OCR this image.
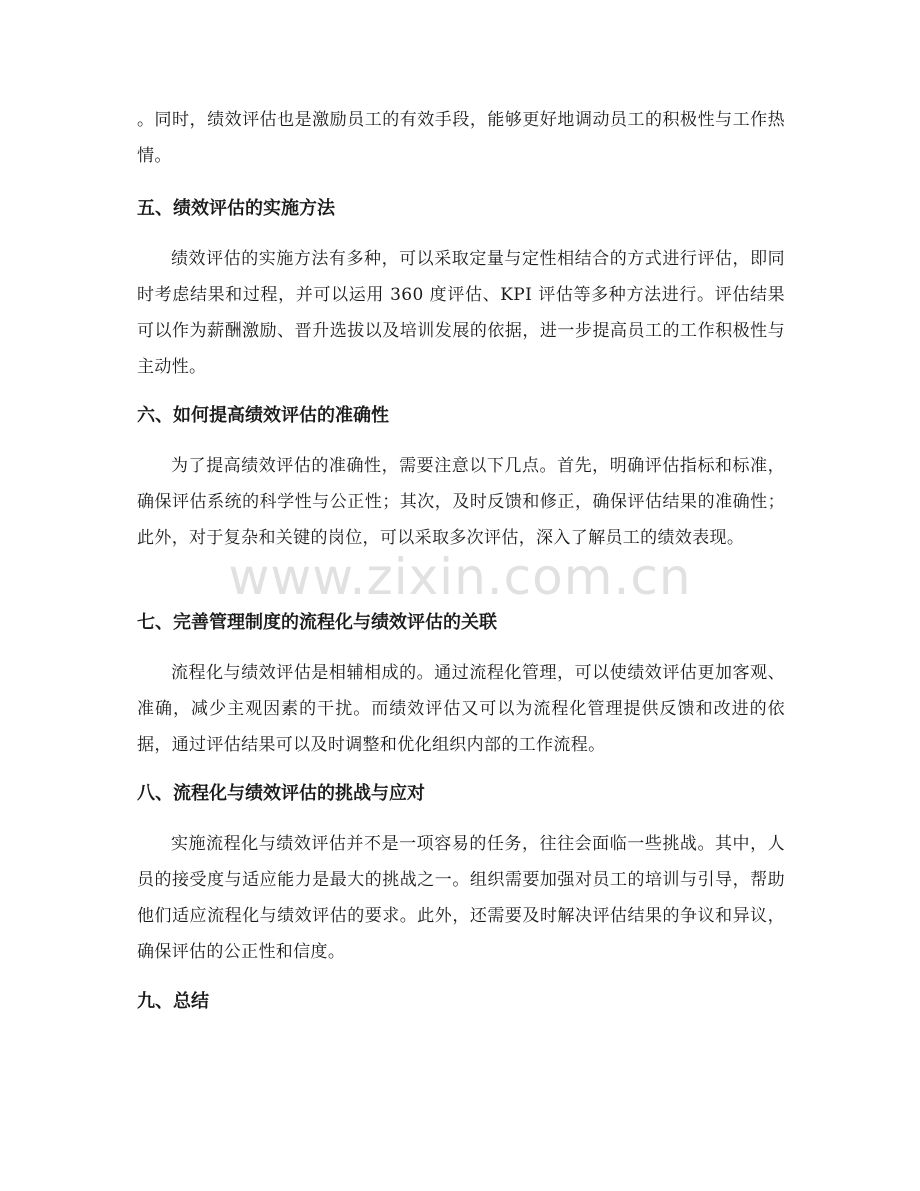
。同时，绩效评估也是激励员工的有效手段，能够更好地调动员工的积极性与工作热情。

五、绩效评估的实施方法

绩效评估的实施方法有多种，可以采取定量与定性相结合的方式进行评估，即同时考虑结果和过程，并可以运用 360 度评估、KPI 评估等多种方法进行。评估结果可以作为薪酬激励、晋升选拔以及培训发展的依据，进一步提高员工的工作积极性与主动性。

六、如何提高绩效评估的准确性

为了提高绩效评估的准确性，需要注意以下几点。首先，明确评估指标和标准，确保评估系统的科学性与公正性；其次，及时反馈和修正，确保评估结果的准确性；此外，对于复杂和关键的岗位，可以采取多次评估，深入了解员工的绩效表现。

七、完善管理制度的流程化与绩效评估的关联

流程化与绩效评估是相辅相成的。通过流程化管理，可以使绩效评估更加客观、准确，减少主观因素的干扰。而绩效评估又可以为流程化管理提供反馈和改进的依据，通过评估结果可以及时调整和优化组织内部的工作流程。

八、流程化与绩效评估的挑战与应对

实施流程化与绩效评估并不是一项容易的任务，往往会面临一些挑战。其中，人员的接受度与适应能力是最大的挑战之一。组织需要加强对员工的培训与引导，帮助他们适应流程化与绩效评估的要求。此外，还需要及时解决评估结果的争议和异议，确保评估的公正性和信度。

九、总结
www.zixin.com.cn
